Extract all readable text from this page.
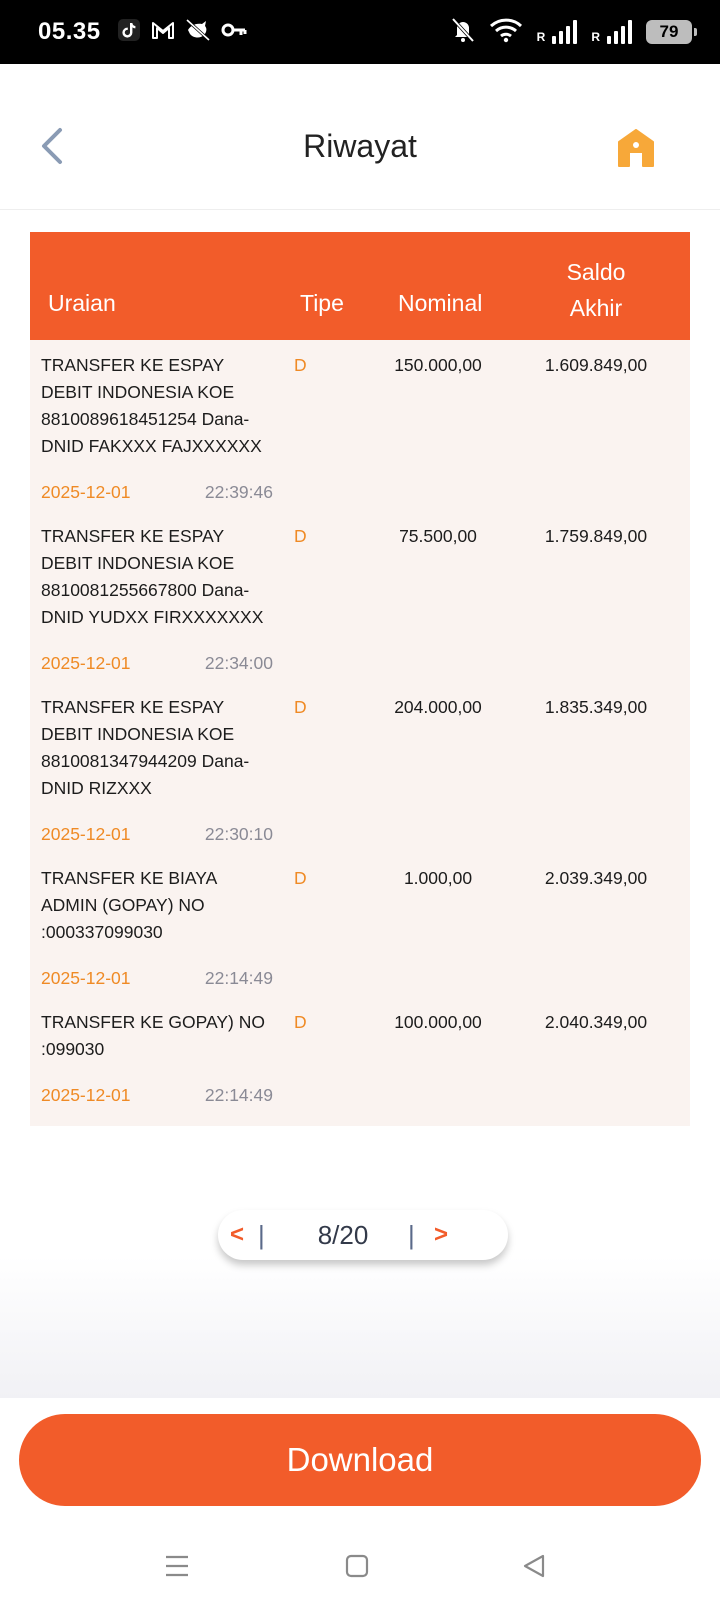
05.35	R	R	79
Riwayat
Uraian	Tipe Nominal
Saldo
Akhir
TRANSFER KE ESPAY DEBIT INDONESIA KOE 8810089618451254 Dana-DNID FAKXXX FAJXXXXXX
D	150.000,00	1.609.849,00
2025-12-01	22:39:46
TRANSFER KE ESPAY DEBIT INDONESIA KOE 8810081255667800 Dana-DNID YUDXX FIRXXXXXXX
D	75.500,00	1.759.849,00
2025-12-01	22:34:00
TRANSFER KE ESPAY DEBIT INDONESIA KOE 8810081347944209 Dana-DNID RIZXXX
D	204.000,00	1.835.349,00
2025-12-01	22:30:10
TRANSFER KE BIAYA ADMIN (GOPAY) NO :000337099030
D	1.000,00	2.039.349,00
2025-12-01	22:14:49
TRANSFER KE GOPAY) NO :099030
D	100.000,00	2.040.349,00
2025-12-01	22:14:49
< |	8/20	| >
Download
